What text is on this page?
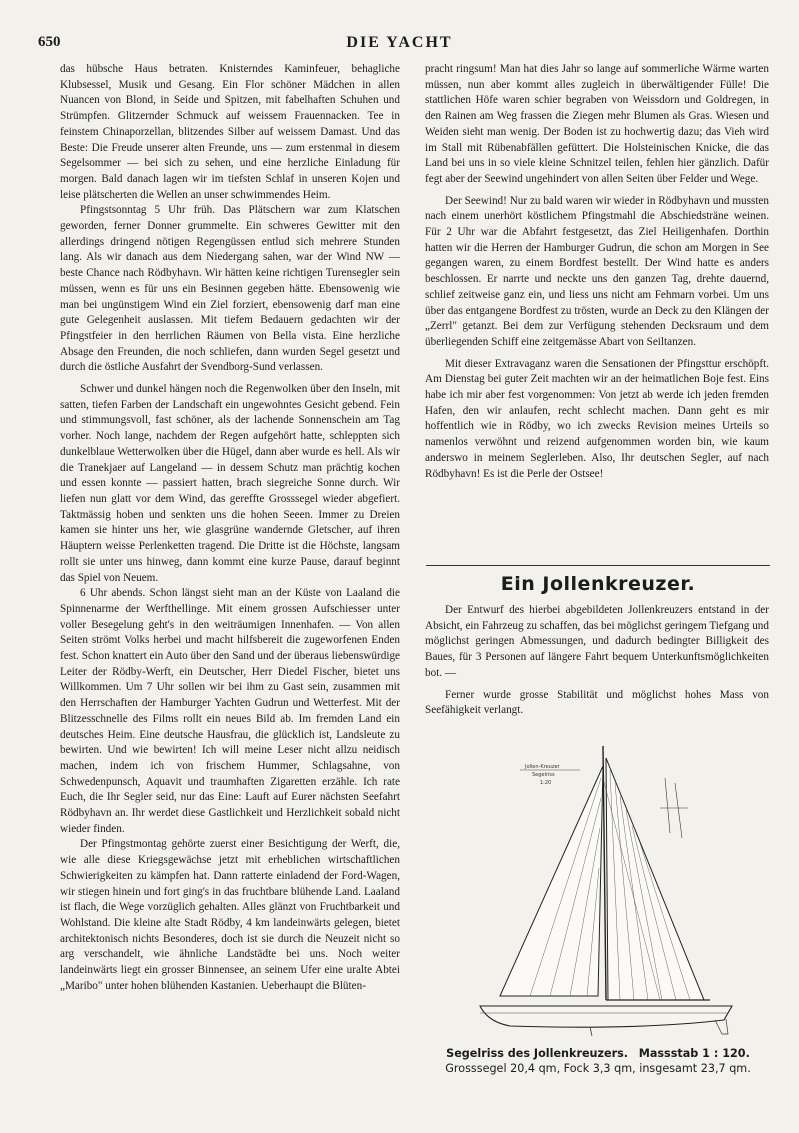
650	DIE YACHT

das hübsche Haus betraten. Knisterndes Kaminfeuer, behagliche Klubsessel, Musik und Gesang. Ein Flor schöner Mädchen in allen Nuancen von Blond, in Seide und Spitzen, mit fabelhaften Schuhen und Strümpfen. Glitzernder Schmuck auf weissem Frauennacken. Tee in feinstem Chinaporzellan, blitzendes Silber auf weissem Damast. Und das Beste: Die Freude unserer alten Freunde, uns — zum erstenmal in diesem Segelsommer — bei sich zu sehen, und eine herzliche Einladung für morgen. Bald danach lagen wir im tiefsten Schlaf in unseren Kojen und leise plätscherten die Wellen an unser schwimmendes Heim.

Pfingstsonntag 5 Uhr früh. Das Plätschern war zum Klatschen geworden, ferner Donner grummelte. Ein schweres Gewitter mit den allerdings dringend nötigen Regengüssen entlud sich mehrere Stunden lang. Als wir danach aus dem Niedergang sahen, war der Wind NW — beste Chance nach Rödbyhavn. Wir hätten keine richtigen Turensegler sein müssen, wenn es für uns ein Besinnen gegeben hätte. Ebensowenig wie man bei ungünstigem Wind ein Ziel forziert, ebensowenig darf man eine gute Gelegenheit auslassen. Mit tiefem Bedauern gedachten wir der Pfingstfeier in den herrlichen Räumen von Bella vista. Eine herzliche Absage den Freunden, die noch schliefen, dann wurden Segel gesetzt und durch die östliche Ausfahrt der Svendborg-Sund verlassen.

Schwer und dunkel hängen noch die Regenwolken über den Inseln, mit satten, tiefen Farben der Landschaft ein ungewohntes Gesicht gebend. Fein und stimmungsvoll, fast schöner, als der lachende Sonnenschein am Tag vorher. Noch lange, nachdem der Regen aufgehört hatte, schleppten sich dunkelblaue Wetterwolken über die Hügel, dann aber wurde es hell. Als wir die Tranekjaer auf Langeland — in dessem Schutz man prächtig kochen und essen konnte — passiert hatten, brach siegreiche Sonne durch. Wir liefen nun glatt vor dem Wind, das gereffte Grosssegel wieder abgefiert. Taktmässig hoben und senkten uns die hohen Seeen. Immer zu Dreien kamen sie hinter uns her, wie glasgrüne wandernde Gletscher, auf ihren Häuptern weisse Perlenketten tragend. Die Dritte ist die Höchste, langsam rollt sie unter uns hinweg, dann kommt eine kurze Pause, darauf beginnt das Spiel von Neuem.

6 Uhr abends. Schon längst sieht man an der Küste von Laaland die Spinnenarme der Werfthellinge. Mit einem grossen Aufschiesser unter voller Besegelung geht's in den weiträumigen Innenhafen. — Von allen Seiten strömt Volks herbei und macht hilfsbereit die zugeworfenen Enden fest. Schon knattert ein Auto über den Sand und der überaus liebenswürdige Leiter der Rödby-Werft, ein Deutscher, Herr Diedel Fischer, bietet uns Willkommen. Um 7 Uhr sollen wir bei ihm zu Gast sein, zusammen mit den Herrschaften der Hamburger Yachten Gudrun und Wetterfest. Mit der Blitzesschnelle des Films rollt ein neues Bild ab. Im fremden Land ein deutsches Heim. Eine deutsche Hausfrau, die glücklich ist, Landsleute zu bewirten. Und wie bewirten! Ich will meine Leser nicht allzu neidisch machen, indem ich von frischem Hummer, Schlagsahne, von Schwedenpunsch, Aquavit und traumhaften Zigaretten erzähle. Ich rate Euch, die Ihr Segler seid, nur das Eine: Lauft auf Eurer nächsten Seefahrt Rödbyhavn an. Ihr werdet diese Gastlichkeit und Herzlichkeit sobald nicht wieder finden.

Der Pfingstmontag gehörte zuerst einer Besichtigung der Werft, die, wie alle diese Kriegsgewächse jetzt mit erheblichen wirtschaftlichen Schwierigkeiten zu kämpfen hat. Dann ratterte einladend der Ford-Wagen, wir stiegen hinein und fort ging's in das fruchtbare blühende Land. Laaland ist flach, die Wege vorzüglich gehalten. Alles glänzt von Fruchtbarkeit und Wohlstand. Die kleine alte Stadt Rödby, 4 km landeinwärts gelegen, bietet architektonisch nichts Besonderes, doch ist sie durch die Neuzeit nicht so arg verschandelt, wie ähnliche Landstädte bei uns. Noch weiter landeinwärts liegt ein grosser Binnensee, an seinem Ufer eine uralte Abtei „Maribo" unter hohen blühenden Kastanien. Ueberhaupt die Blüten-

pracht ringsum! Man hat dies Jahr so lange auf sommerliche Wärme warten müssen, nun aber kommt alles zugleich in überwältigender Fülle! Die stattlichen Höfe waren schier begraben von Weissdorn und Goldregen, in den Rainen am Weg frassen die Ziegen mehr Blumen als Gras. Wiesen und Weiden sieht man wenig. Der Boden ist zu hochwertig dazu; das Vieh wird im Stall mit Rübenabfällen gefüttert. Die Holsteinischen Knicke, die das Land bei uns in so viele kleine Schnitzel teilen, fehlen hier gänzlich. Dafür fegt aber der Seewind ungehindert von allen Seiten über Felder und Wege.

Der Seewind! Nur zu bald waren wir wieder in Rödbyhavn und mussten nach einem unerhört köstlichem Pfingstmahl die Abschiedsträne weinen. Für 2 Uhr war die Abfahrt festgesetzt, das Ziel Heiligenhafen. Dorthin hatten wir die Herren der Hamburger Gudrun, die schon am Morgen in See gegangen waren, zu einem Bordfest bestellt. Der Wind hatte es anders beschlossen. Er narrte und neckte uns den ganzen Tag, drehte dauernd, schlief zeitweise ganz ein, und liess uns nicht am Fehmarn vorbei. Um uns über das entgangene Bordfest zu trösten, wurde an Deck zu den Klängen der „Zerrl" getanzt. Bei dem zur Verfügung stehenden Decksraum und dem überliegenden Schiff eine zeitgemässe Abart von Seiltanzen.

Mit dieser Extravaganz waren die Sensationen der Pfingsttur erschöpft. Am Dienstag bei guter Zeit machten wir an der heimatlichen Boje fest. Eins habe ich mir aber fest vorgenommen: Von jetzt ab werde ich jeden fremden Hafen, den wir anlaufen, recht schlecht machen. Dann geht es mir hoffentlich wie in Rödby, wo ich zwecks Revision meines Urteils so namenlos verwöhnt und reizend aufgenommen worden bin, wie kaum anderswo in meinem Seglerleben. Also, Ihr deutschen Segler, auf nach Rödbyhavn! Es ist die Perle der Ostsee!

Ein Jollenkreuzer.

Der Entwurf des hierbei abgebildeten Jollenkreuzers entstand in der Absicht, ein Fahrzeug zu schaffen, das bei möglichst geringem Tiefgang und möglichst geringen Abmessungen, und dadurch bedingter Billigkeit des Baues, für 3 Personen auf längere Fahrt bequem Unterkunftsmöglichkeiten bot. —

Ferner wurde grosse Stabilität und möglichst hohes Mass von Seefähigkeit verlangt.

Jollen-Kreuzer
Segelriss
1:20
Segelriss des Jollenkreuzers. Massstab 1 : 120.
Grosssegel 20,4 qm, Fock 3,3 qm, insgesamt 23,7 qm.
